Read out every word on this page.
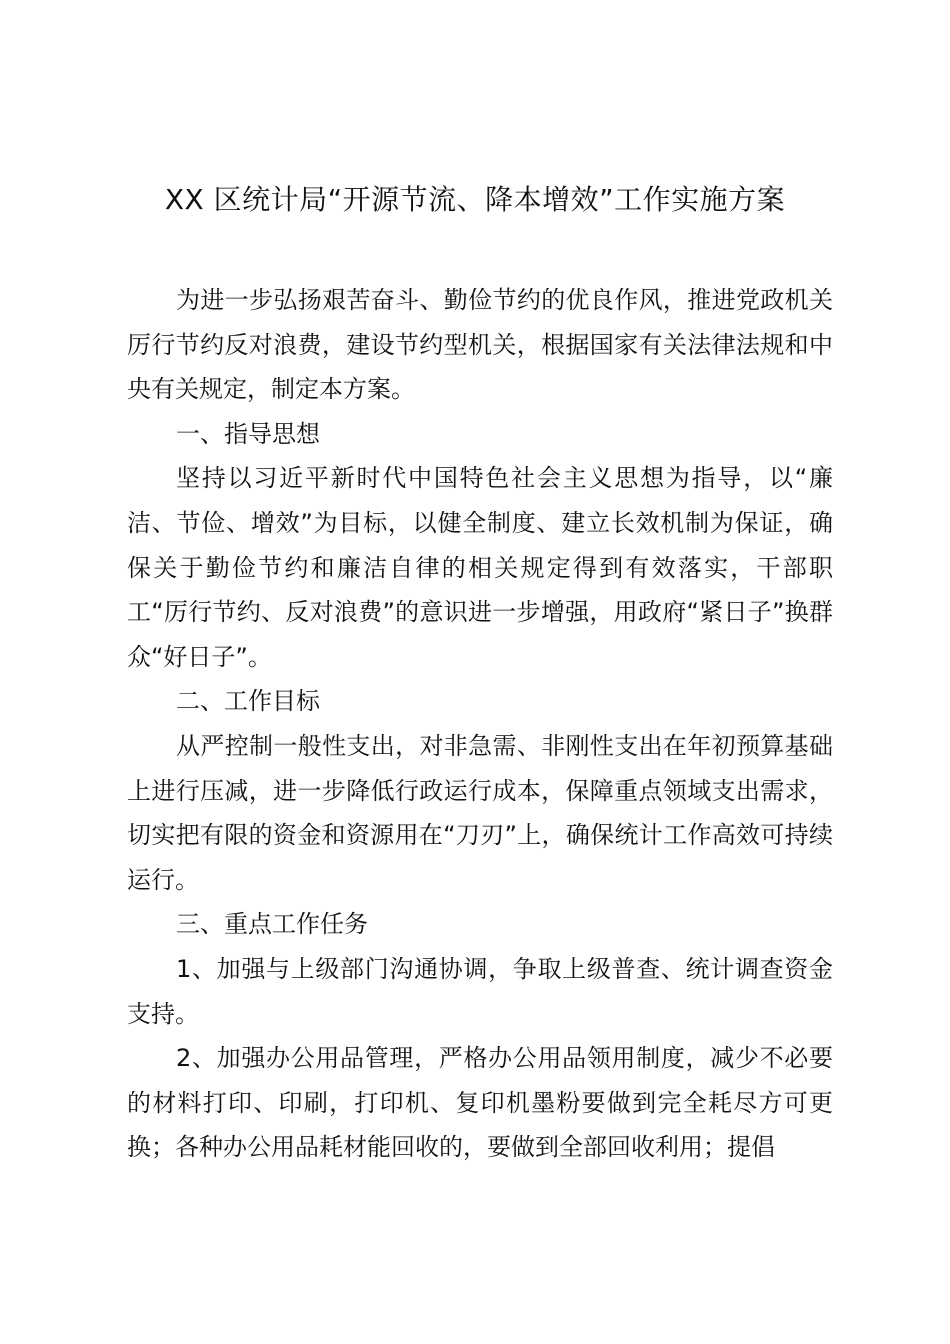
XX 区统计局“开源节流、降本增效”工作实施方案

为进一步弘扬艰苦奋斗、勤俭节约的优良作风，推进党政机关厉行节约反对浪费，建设节约型机关，根据国家有关法律法规和中央有关规定，制定本方案。

一、指导思想

坚持以习近平新时代中国特色社会主义思想为指导，以“廉洁、节俭、增效”为目标，以健全制度、建立长效机制为保证，确保关于勤俭节约和廉洁自律的相关规定得到有效落实，干部职工“厉行节约、反对浪费”的意识进一步增强，用政府“紧日子”换群众“好日子”。

二、工作目标

从严控制一般性支出，对非急需、非刚性支出在年初预算基础上进行压减，进一步降低行政运行成本，保障重点领域支出需求，切实把有限的资金和资源用在“刀刃”上，确保统计工作高效可持续运行。

三、重点工作任务

1、加强与上级部门沟通协调，争取上级普查、统计调查资金支持。

2、加强办公用品管理，严格办公用品领用制度，减少不必要的材料打印、印刷，打印机、复印机墨粉要做到完全耗尽方可更换；各种办公用品耗材能回收的，要做到全部回收利用；提倡
